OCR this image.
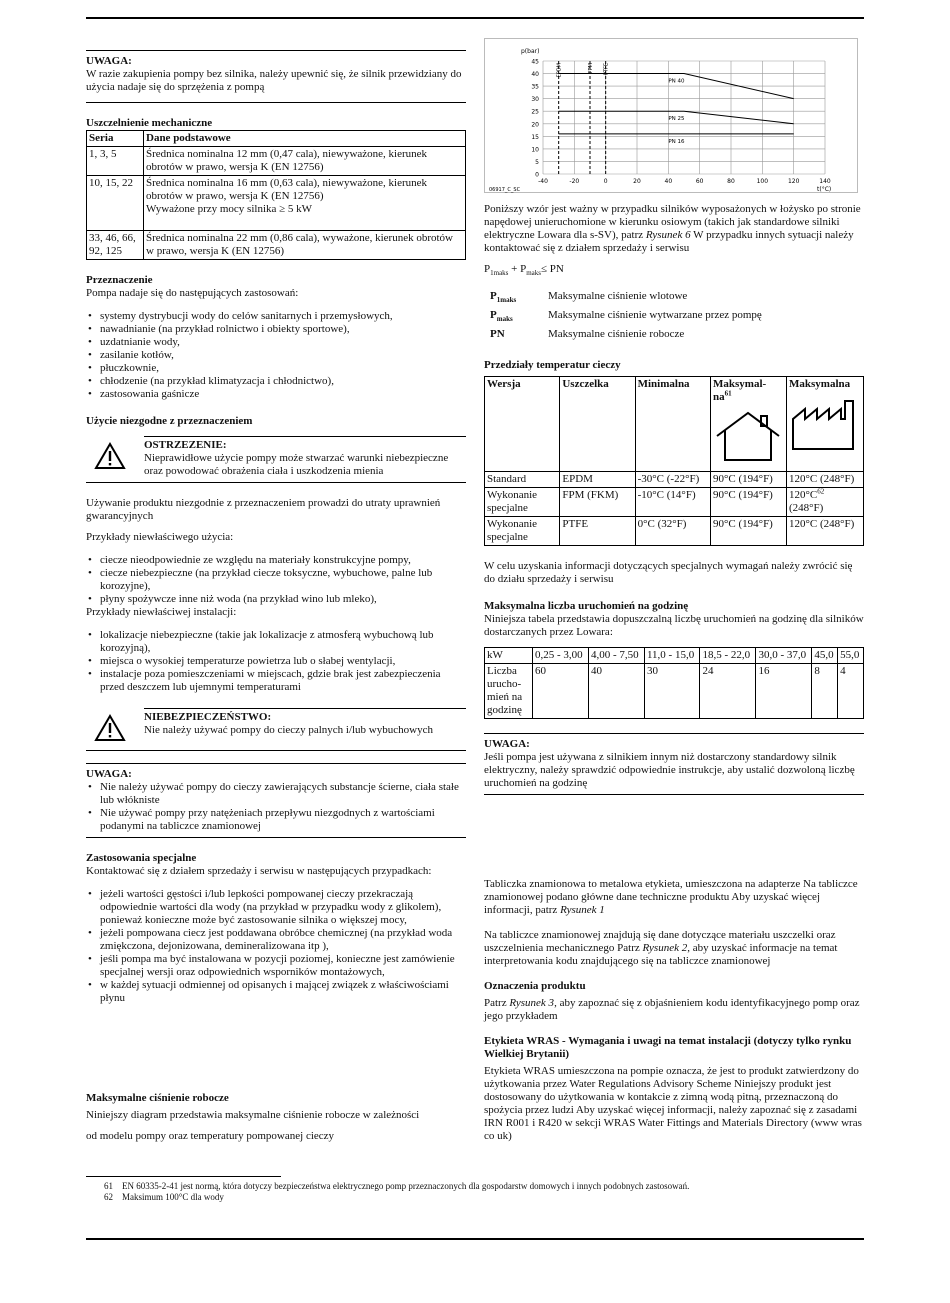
UWAGA:

W razie zakupienia pompy bez silnika, należy upewnić się, że silnik przewidziany do użycia nadaje się do sprzężenia z pompą

Uszczelnienie mechaniczne

Seria	Dane podstawowe
1, 3, 5	Średnica nominalna 12 mm (0,47 cala), niewyważone, kierunek obrotów w prawo, wersja K (EN 12756)
10, 15, 22	Średnica nominalna 16 mm (0,63 cala), niewyważone, kierunek obrotów w prawo, wersja K (EN 12756)
Wyważone przy mocy silnika ≥ 5 kW

33, 46, 66, 92, 125	Średnica nominalna 22 mm (0,86 cala), wyważone, kierunek obrotów w prawo, wersja K (EN 12756)

Przeznaczenie

Pompa nadaje się do następujących zastosowań:

• systemy dystrybucji wody do celów sanitarnych i przemysłowych,
• nawadnianie (na przykład rolnictwo i obiekty sportowe),
• uzdatnianie wody,
• zasilanie kotłów,
• płuczkownie,
• chłodzenie (na przykład klimatyzacja i chłodnictwo),
• zastosowania gaśnicze

Użycie niezgodne z przeznaczeniem

OSTRZEZENIE:

Nieprawidłowe użycie pompy może stwarzać warunki niebezpieczne oraz powodować obrażenia ciała i uszkodzenia mienia

Używanie produktu niezgodnie z przeznaczeniem prowadzi do utraty uprawnień gwarancyjnych

Przykłady niewłaściwego użycia:

• ciecze nieodpowiednie ze względu na materiały konstrukcyjne pompy,
• ciecze niebezpieczne (na przykład ciecze toksyczne, wybuchowe, palne lub korozyjne),
• płyny spożywcze inne niż woda (na przykład wino lub mleko),

Przykłady niewłaściwej instalacji:

• lokalizacje niebezpieczne (takie jak lokalizacje z atmosferą wybuchową lub korozyjną),
• miejsca o wysokiej temperaturze powietrza lub o słabej wentylacji,
• instalacje poza pomieszczeniami w miejscach, gdzie brak jest zabezpieczenia przed deszczem lub ujemnymi temperaturami

NIEBEZPIECZEŃSTWO:

Nie należy używać pompy do cieczy palnych i/lub wybuchowych

UWAGA:

• Nie należy używać pompy do cieczy zawierających substancje ścierne, ciała stałe lub włókniste
• Nie używać pompy przy natężeniach przepływu niezgodnych z wartościami podanymi na tabliczce znamionowej

Zastosowania specjalne

Kontaktować się z działem sprzedaży i serwisu w następujących przypadkach:

• jeżeli wartości gęstości i/lub lepkości pompowanej cieczy przekraczają odpowiednie wartości dla wody (na przykład w przypadku wody z glikolem), ponieważ konieczne może być zastosowanie silnika o większej mocy,
• jeżeli pompowana ciecz jest poddawana obróbce chemicznej (na przykład woda zmiękczona, dejonizowana, demineralizowana itp ),
• jeśli pompa ma być instalowana w pozycji poziomej, konieczne jest zamówienie specjalnej wersji oraz odpowiednich wsporników montażowych,
• w każdej sytuacji odmiennej od opisanych i mającej związek z właściwościami płynu

Maksymalne ciśnienie robocze

Niniejszy diagram przedstawia maksymalne ciśnienie robocze w zależności

od modelu pompy oraz temperatury pompowanej cieczy

0
5
10
15
20
25
30
35
40
45
-40	-20	0	20	40	60	80	100	120	140
p(bar)
t(°C)
06917_C_SC
EPDM	FPM PTFE
PN 40
PN 25
PN 16

Poniższy wzór jest ważny w przypadku silników wyposażonych w łożysko po stronie napędowej unieruchomione w kierunku osiowym (takich jak standardowe silniki elektryczne Lowara dla s-SV), patrz Rysunek 6 W przypadku innych sytuacji należy kontaktować się z działem sprzedaży i serwisu

$P_{1maks} + P_{maks}\le$ PN

$P_{1maks}$	Maksymalne ciśnienie wlotowe
$P_{maks}$	Maksymalne ciśnienie wytwarzane przez pompę
PN	Maksymalne ciśnienie robocze

Przedziały temperatur cieczy

Wersja	Uszczelka	Minimalna	Maksymal-$na^{61}$	Maksymalna

Standard	EPDM	-30°C (-22°F)	90°C (194°F)	120°C (248°F)
Wykonanie specjalne	FPM (FKM)	-10°C (14°F)	90°C (194°F)	$120^\circ C^{62}$
(248°F)
Wykonanie specjalne	PTFE	0°C (32°F)	90°C (194°F)	120°C (248°F)

W celu uzyskania informacji dotyczących specjalnych wymagań należy zwrócić się do działu sprzedaży i serwisu

Maksymalna liczba uruchomień na godzinę

Niniejsza tabela przedstawia dopuszczalną liczbę uruchomień na godzinę dla silników dostarczanych przez Lowara:

kW	0,25 - 3,00	4,00 - 7,50	11,0 - 15,0	18,5 - 22,0	30,0 - 37,0	45,0	55,0
Liczba urucho-mień na godzinę	60	40	30	24	16	8	4

UWAGA:

Jeśli pompa jest używana z silnikiem innym niż dostarczony standardowy silnik elektryczny, należy sprawdzić odpowiednie instrukcje, aby ustalić dozwoloną liczbę uruchomień na godzinę

Tabliczka znamionowa to metalowa etykieta, umieszczona na adapterze Na tabliczce znamionowej podano główne dane techniczne produktu Aby uzyskać więcej informacji, patrz Rysunek 1

Na tabliczce znamionowej znajdują się dane dotyczące materiału uszczelki oraz uszczelnienia mechanicznego Patrz Rysunek 2, aby uzyskać informacje na temat interpretowania kodu znajdującego się na tabliczce znamionowej

Oznaczenia produktu

Patrz Rysunek 3, aby zapoznać się z objaśnieniem kodu identyfikacyjnego pomp oraz jego przykładem

Etykieta WRAS - Wymagania i uwagi na temat instalacji (dotyczy tylko rynku Wielkiej Brytanii)

Etykieta WRAS umieszczona na pompie oznacza, że jest to produkt zatwierdzony do użytkowania przez Water Regulations Advisory Scheme Niniejszy produkt jest dostosowany do użytkowania w kontakcie z zimną wodą pitną, przeznaczoną do spożycia przez ludzi Aby uzyskać więcej informacji, należy zapoznać się z zasadami IRN R001 i R420 w sekcji WRAS Water Fittings and Materials Directory (www wras co uk)

61	EN 60335-2-41 jest normą, która dotyczy bezpieczeństwa elektrycznego pomp przeznaczonych dla gospodarstw domowych i innych podobnych zastosowań.
62	Maksimum 100°C dla wody
